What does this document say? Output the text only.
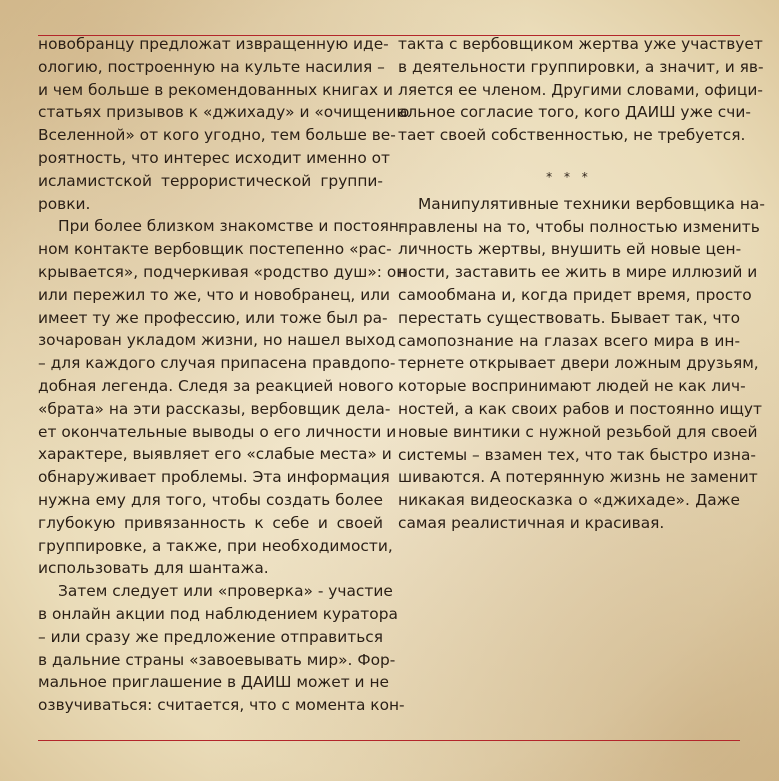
новобранцу предложат извращенную иде-
ологию, построенную на культе насилия –
и чем больше в рекомендованных книгах и
статьях призывов к «джихаду» и «очищению
Вселенной» от кого угодно, тем больше ве-
роятность, что интерес исходит именно от
исламистской террористической группи-
ровки.
При более близком знакомстве и постоян-
ном контакте вербовщик постепенно «рас-
крывается», подчеркивая «родство душ»: он
или пережил то же, что и новобранец, или
имеет ту же профессию, или тоже был ра-
зочарован укладом жизни, но нашел выход
– для каждого случая припасена правдопо-
добная легенда. Следя за реакцией нового
«брата» на эти рассказы, вербовщик дела-
ет окончательные выводы о его личности и
характере, выявляет его «слабые места» и
обнаруживает проблемы. Эта информация
нужна ему для того, чтобы создать более
глубокую привязанность к себе и своей
группировке, а также, при необходимости,
использовать для шантажа.
Затем следует или «проверка» - участие
в онлайн акции под наблюдением куратора
– или сразу же предложение отправиться
в дальние страны «завоевывать мир». Фор-
мальное приглашение в ДАИШ может и не
озвучиваться: считается, что с момента кон-
такта с вербовщиком жертва уже участвует
в деятельности группировки, а значит, и яв-
ляется ее членом. Другими словами, офици-
альное согласие того, кого ДАИШ уже счи-
тает своей собственностью, не требуется.
* * *
Манипулятивные техники вербовщика на-
правлены на то, чтобы полностью изменить
личность жертвы, внушить ей новые цен-
ности, заставить ее жить в мире иллюзий и
самообмана и, когда придет время, просто
перестать существовать. Бывает так, что
самопознание на глазах всего мира в ин-
тернете открывает двери ложным друзьям,
которые воспринимают людей не как лич-
ностей, а как своих рабов и постоянно ищут
новые винтики с нужной резьбой для своей
системы – взамен тех, что так быстро изна-
шиваются. А потерянную жизнь не заменит
никакая видеосказка о «джихаде». Даже
самая реалистичная и красивая.
